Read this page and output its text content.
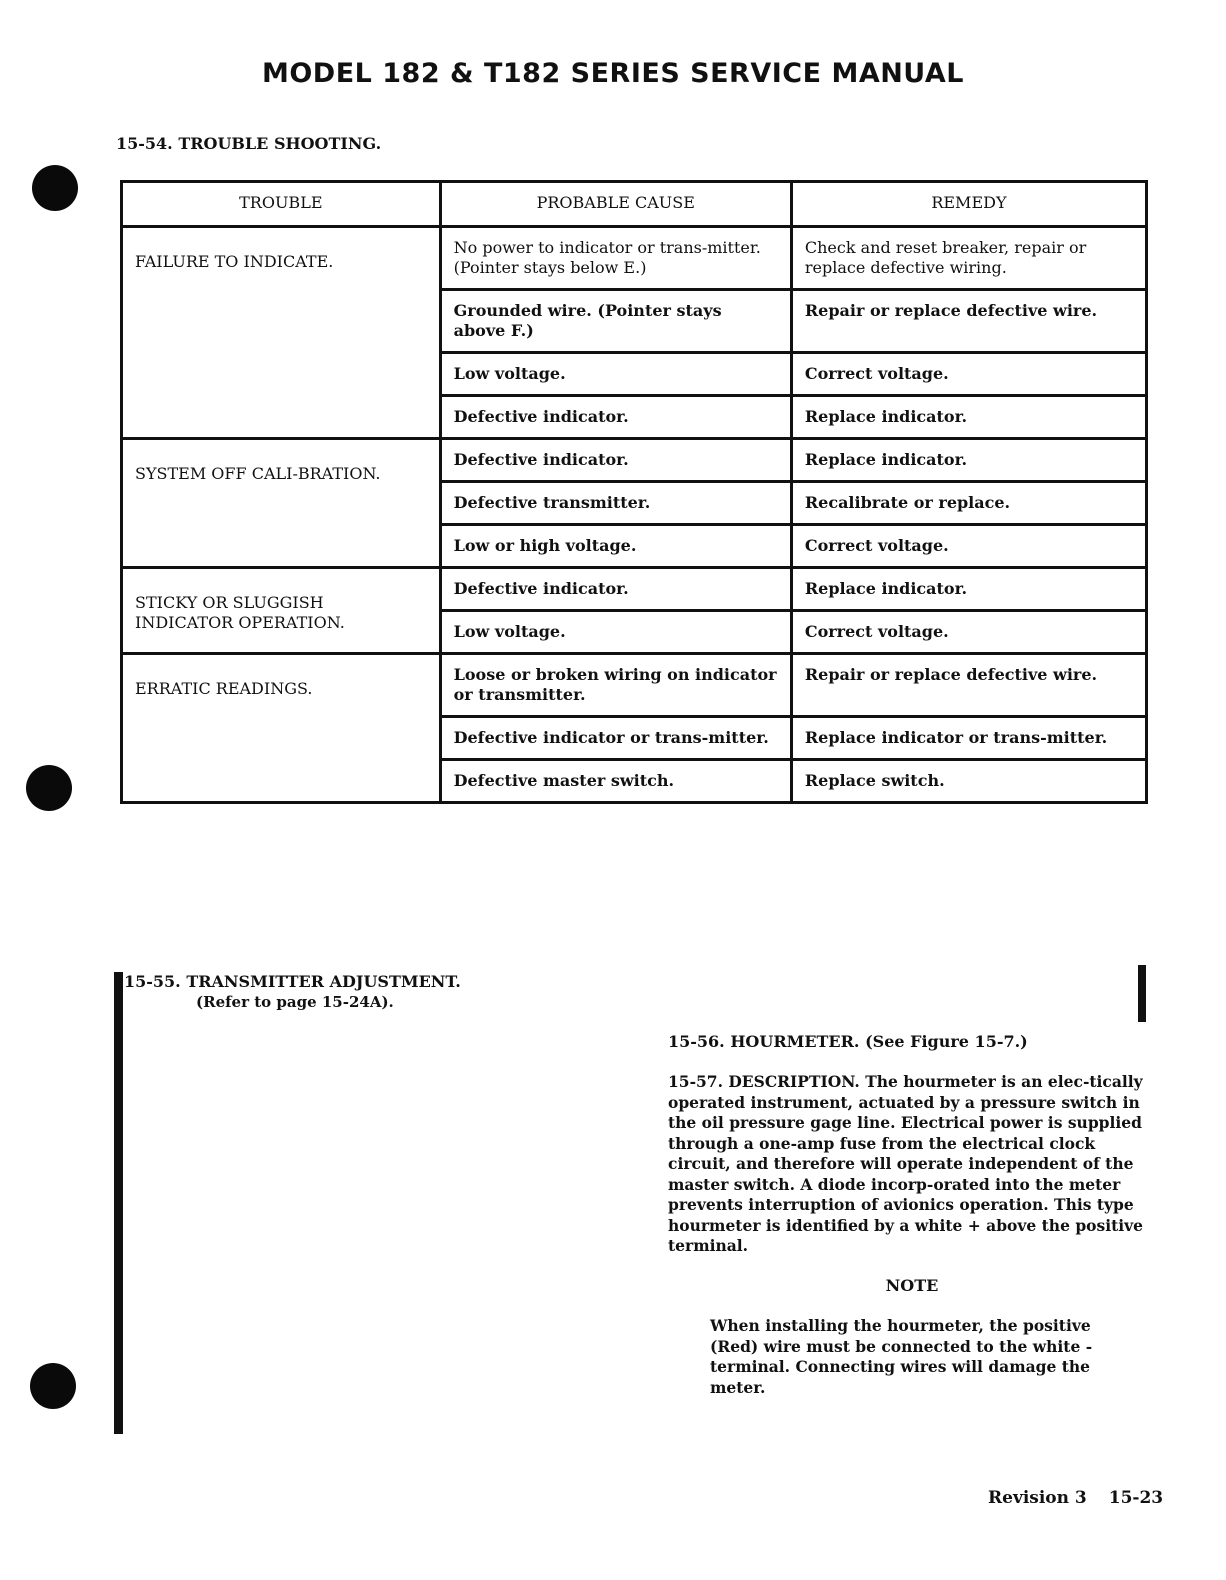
MODEL 182 & T182 SERIES SERVICE MANUAL
15-54. TROUBLE SHOOTING.
TROUBLE	PROBABLE CAUSE	REMEDY
FAILURE TO INDICATE.	No power to indicator or trans-mitter. (Pointer stays below E.)	Check and reset breaker, repair or replace defective wiring.
	Grounded wire. (Pointer stays above F.)	Repair or replace defective wire.
	Low voltage.	Correct voltage.
	Defective indicator.	Replace indicator.
SYSTEM OFF CALI-BRATION.	Defective indicator.	Replace indicator.
	Defective transmitter.	Recalibrate or replace.
	Low or high voltage.	Correct voltage.
STICKY OR SLUGGISH INDICATOR OPERATION.	Defective indicator.	Replace indicator.
	Low voltage.	Correct voltage.
ERRATIC READINGS.	Loose or broken wiring on indicator or transmitter.	Repair or replace defective wire.
	Defective indicator or trans-mitter.	Replace indicator or trans-mitter.
	Defective master switch.	Replace switch.
15-55. TRANSMITTER ADJUSTMENT.
(Refer to page 15-24A).
15-56. HOURMETER. (See Figure 15-7.)
15-57. DESCRIPTION. The hourmeter is an elec-tically operated instrument, actuated by a pressure switch in the oil pressure gage line. Electrical power is supplied through a one-amp fuse from the electrical clock circuit, and therefore will operate independent of the master switch. A diode incorp-orated into the meter prevents interruption of avionics operation. This type hourmeter is identified by a white + above the positive terminal.
NOTE
When installing the hourmeter, the positive (Red) wire must be connected to the white - terminal. Connecting wires will damage the meter.
Revision 3 15-23
